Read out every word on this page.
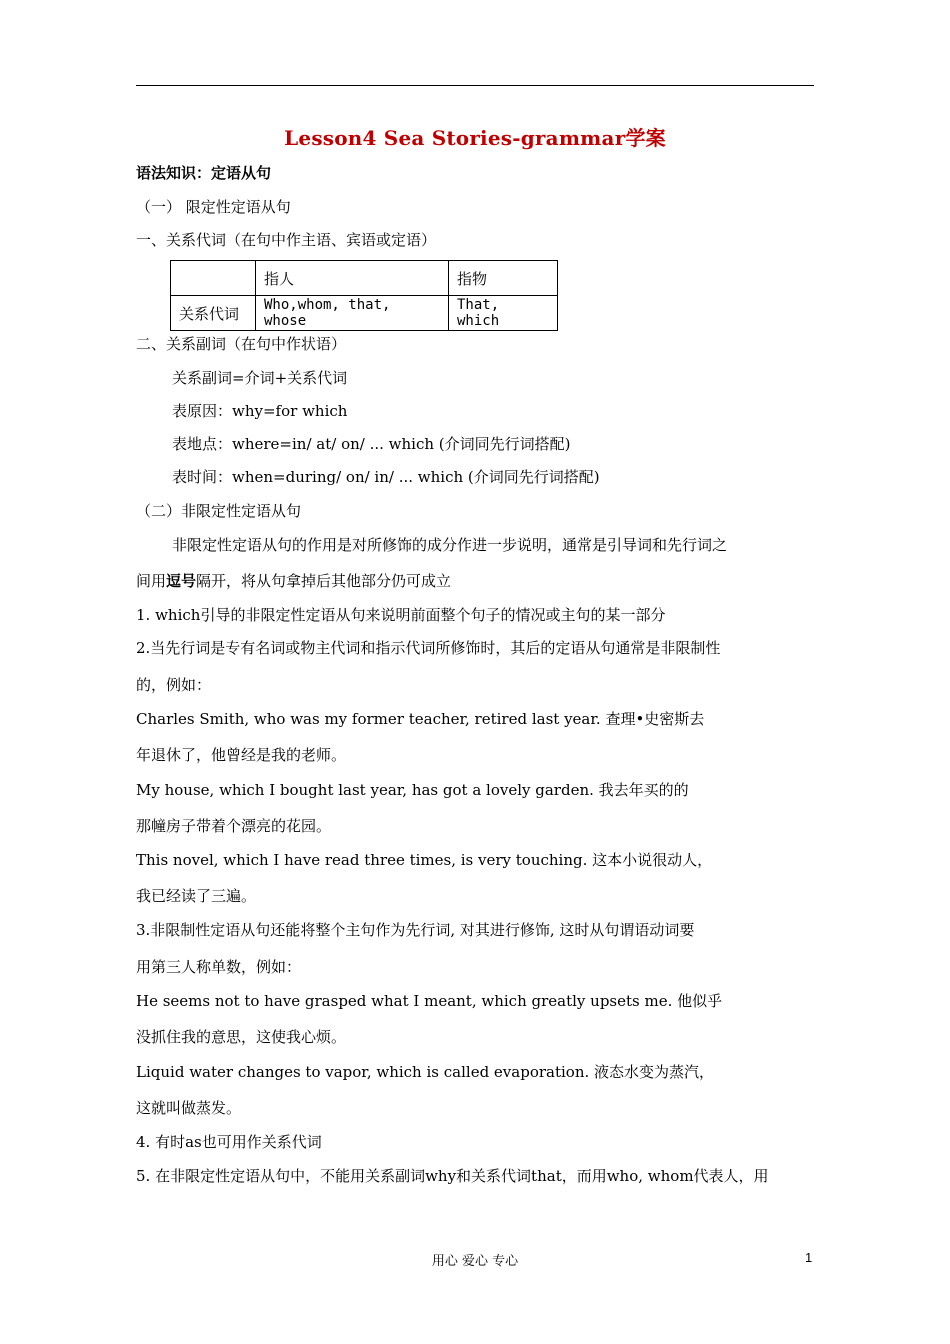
Lesson4 Sea Stories-grammar学案
语法知识：定语从句
（一） 限定性定语从句
一、关系代词（在句中作主语、宾语或定语）
	指人	指物
关系代词	Who,whom, that, whose	That, which
二、关系副词（在句中作状语）
关系副词=介词+关系代词
表原因：why=for which
表地点：where=in/ at/ on/ ... which (介词同先行词搭配)
表时间：when=during/ on/ in/ ... which (介词同先行词搭配)
（二）非限定性定语从句
非限定性定语从句的作用是对所修饰的成分作进一步说明，通常是引导词和先行词之
间用逗号隔开，将从句拿掉后其他部分仍可成立
1. which引导的非限定性定语从句来说明前面整个句子的情况或主句的某一部分
2.当先行词是专有名词或物主代词和指示代词所修饰时，其后的定语从句通常是非限制性
的，例如：
Charles Smith, who was my former teacher, retired last year. 查理•史密斯去
年退休了，他曾经是我的老师。
My house, which I bought last year, has got a lovely garden. 我去年买的的
那幢房子带着个漂亮的花园。
This novel, which I have read three times, is very touching. 这本小说很动人，
我已经读了三遍。
3.非限制性定语从句还能将整个主句作为先行词, 对其进行修饰, 这时从句谓语动词要
用第三人称单数，例如：
He seems not to have grasped what I meant, which greatly upsets me. 他似乎
没抓住我的意思，这使我心烦。
Liquid water changes to vapor, which is called evaporation. 液态水变为蒸汽，
这就叫做蒸发。
4. 有时as也可用作关系代词
5. 在非限定性定语从句中，不能用关系副词why和关系代词that，而用who, whom代表人，用
用心 爱心 专心	1
